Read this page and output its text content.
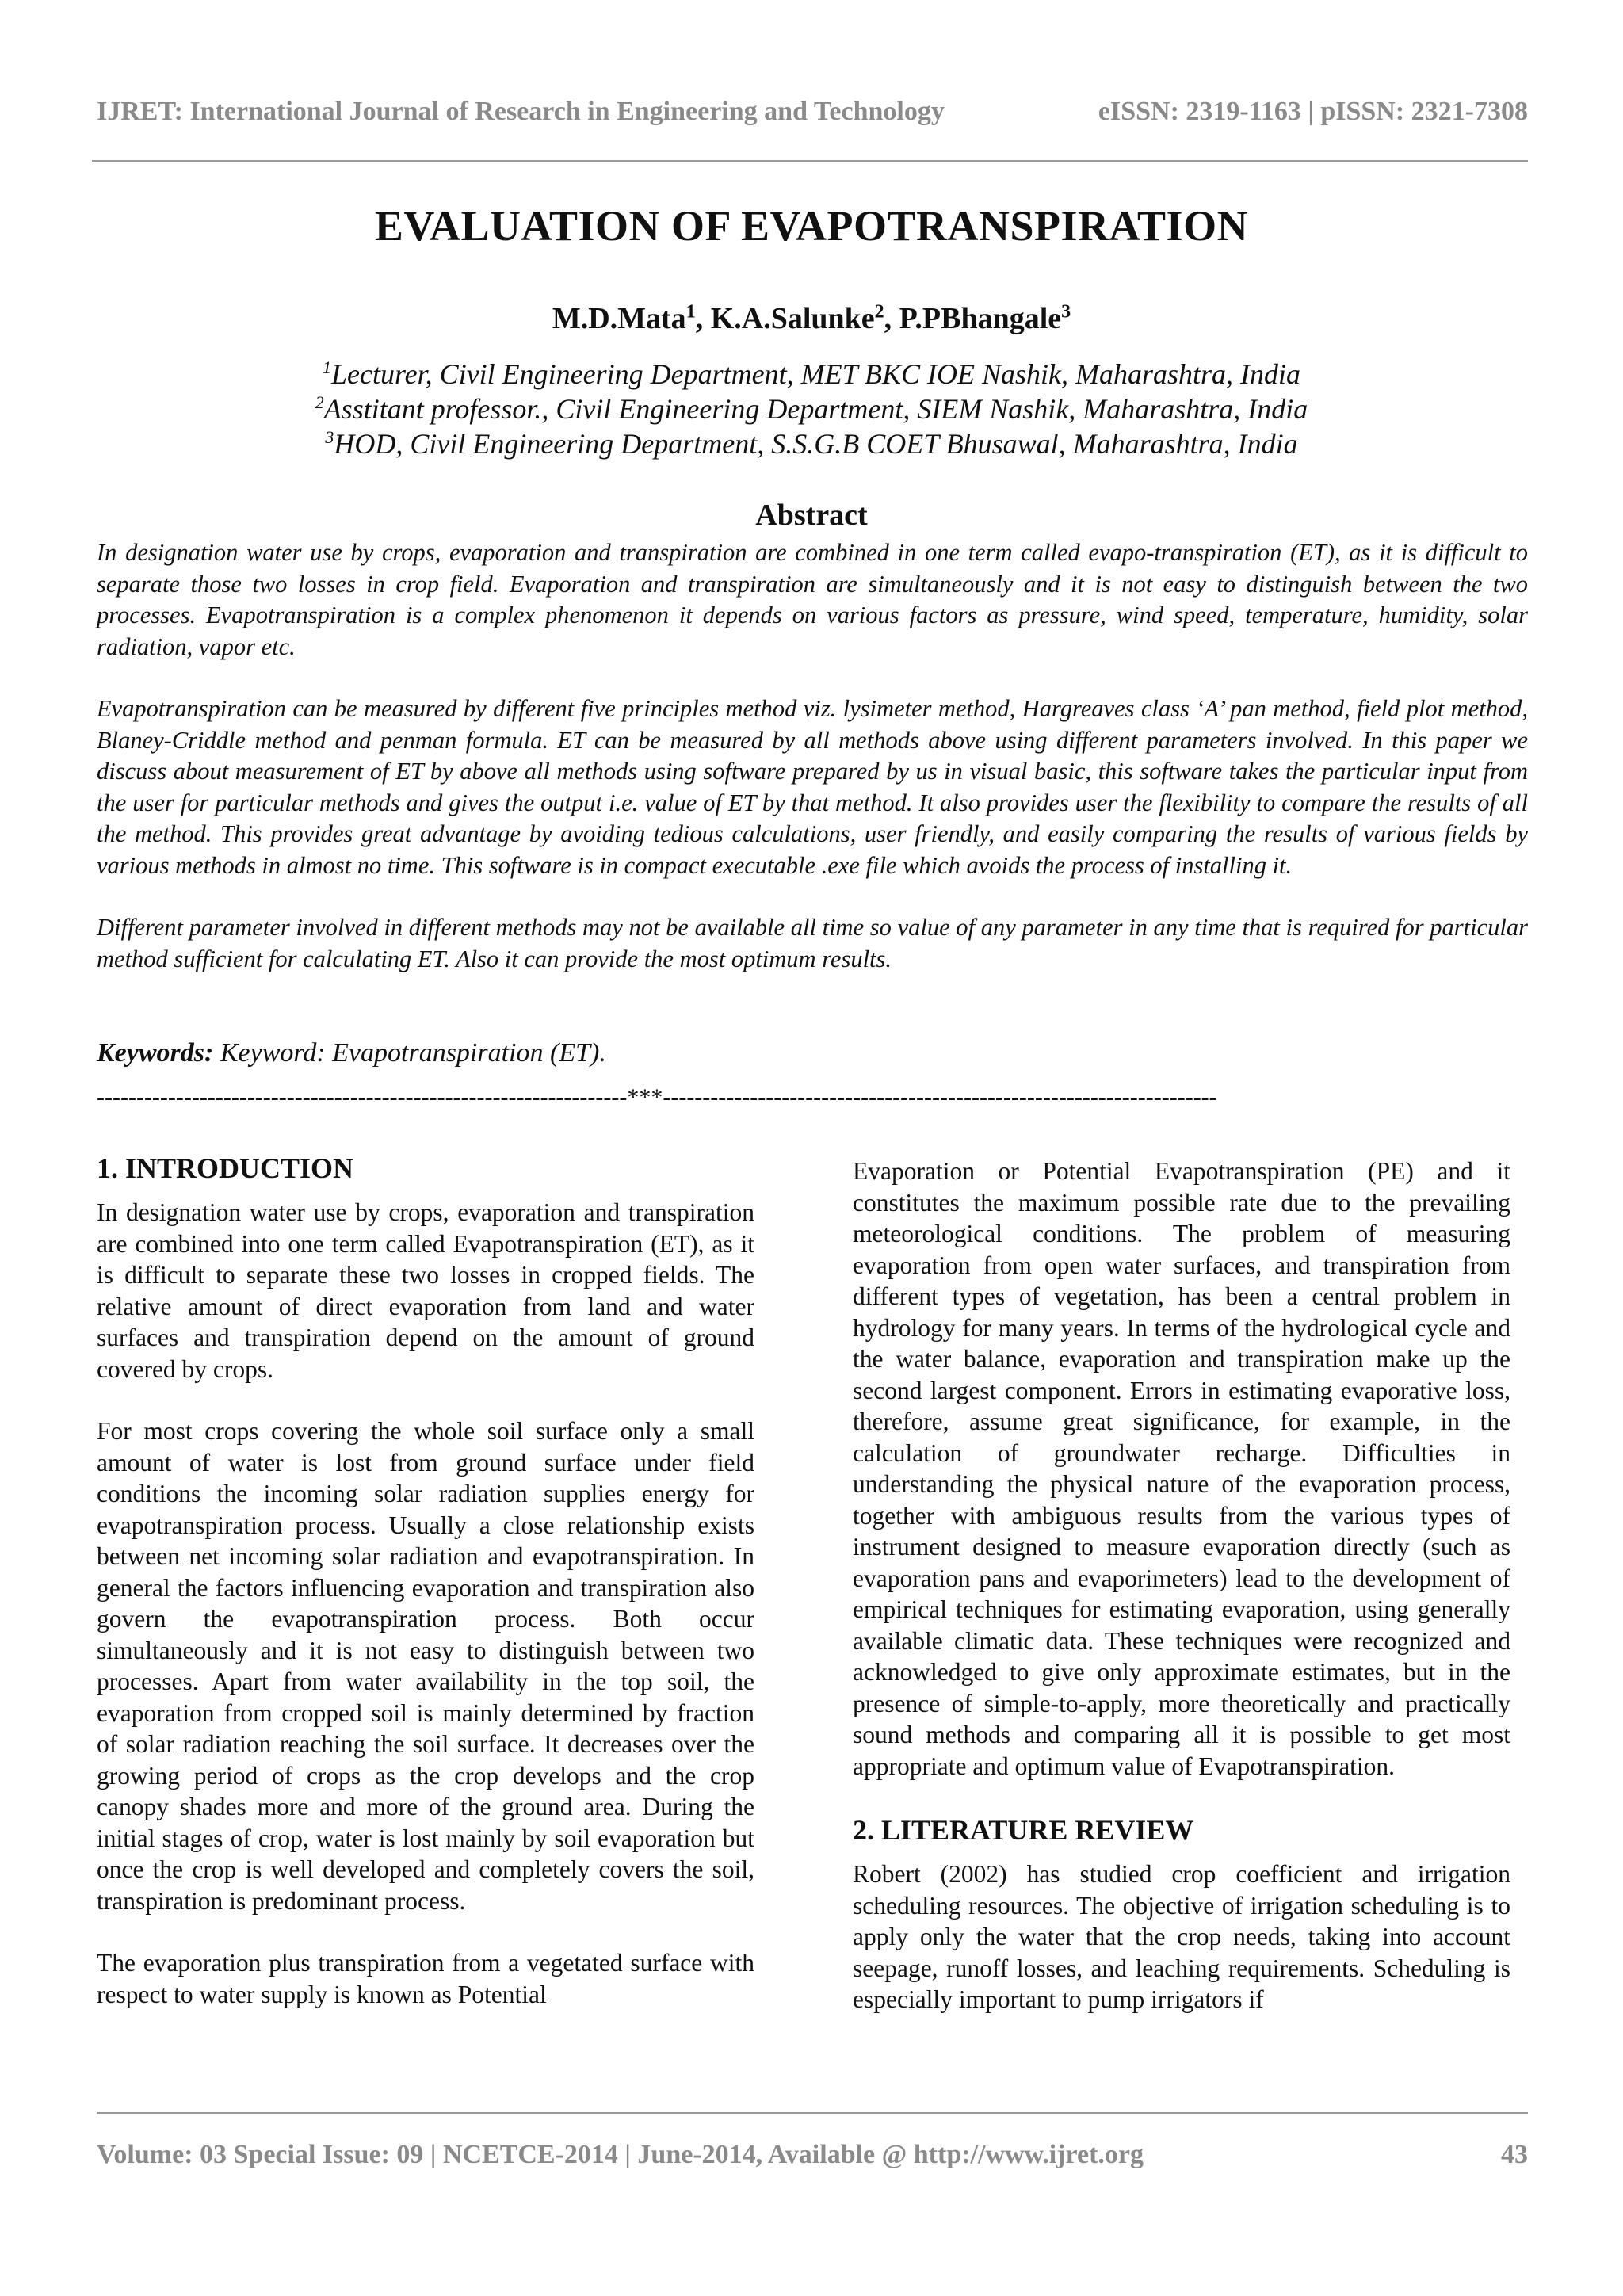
IJRET: International Journal of Research in Engineering and Technology	eISSN: 2319-1163 | pISSN: 2321-7308
EVALUATION OF EVAPOTRANSPIRATION
M.D.Mata$^1$, K.A.Salunke$^2$, P.PBhangale$^3$
$^1$Lecturer, Civil Engineering Department, MET BKC IOE Nashik, Maharashtra, India
$^2$Asstitant professor., Civil Engineering Department, SIEM Nashik, Maharashtra, India
$^3$HOD, Civil Engineering Department, S.S.G.B COET Bhusawal, Maharashtra, India
Abstract

In designation water use by crops, evaporation and transpiration are combined in one term called evapo-transpiration (ET), as it is difficult to separate those two losses in crop field. Evaporation and transpiration are simultaneously and it is not easy to distinguish between the two processes. Evapotranspiration is a complex phenomenon it depends on various factors as pressure, wind speed, temperature, humidity, solar radiation, vapor etc.

Evapotranspiration can be measured by different five principles method viz. lysimeter method, Hargreaves class ‘A’ pan method, field plot method, Blaney-Criddle method and penman formula. ET can be measured by all methods above using different parameters involved. In this paper we discuss about measurement of ET by above all methods using software prepared by us in visual basic, this software takes the particular input from the user for particular methods and gives the output i.e. value of ET by that method. It also provides user the flexibility to compare the results of all the method. This provides great advantage by avoiding tedious calculations, user friendly, and easily comparing the results of various fields by various methods in almost no time. This software is in compact executable .exe file which avoids the process of installing it.

Different parameter involved in different methods may not be available all time so value of any parameter in any time that is required for particular method sufficient for calculating ET. Also it can provide the most optimum results.

Keywords: Keyword: Evapotranspiration (ET).
-------------------------------------------------------------------***----------------------------------------------------------------------
1. INTRODUCTION

In designation water use by crops, evaporation and transpiration are combined into one term called Evapotranspiration (ET), as it is difficult to separate these two losses in cropped fields. The relative amount of direct evaporation from land and water surfaces and transpiration depend on the amount of ground covered by crops.

For most crops covering the whole soil surface only a small amount of water is lost from ground surface under field conditions the incoming solar radiation supplies energy for evapotranspiration process. Usually a close relationship exists between net incoming solar radiation and evapotranspiration. In general the factors influencing evaporation and transpiration also govern the evapotranspiration process. Both occur simultaneously and it is not easy to distinguish between two processes. Apart from water availability in the top soil, the evaporation from cropped soil is mainly determined by fraction of solar radiation reaching the soil surface. It decreases over the growing period of crops as the crop develops and the crop canopy shades more and more of the ground area. During the initial stages of crop, water is lost mainly by soil evaporation but once the crop is well developed and completely covers the soil, transpiration is predominant process.

The evaporation plus transpiration from a vegetated surface with respect to water supply is known as Potential

Evaporation or Potential Evapotranspiration (PE) and it constitutes the maximum possible rate due to the prevailing meteorological conditions. The problem of measuring evaporation from open water surfaces, and transpiration from different types of vegetation, has been a central problem in hydrology for many years. In terms of the hydrological cycle and the water balance, evaporation and transpiration make up the second largest component. Errors in estimating evaporative loss, therefore, assume great significance, for example, in the calculation of groundwater recharge. Difficulties in understanding the physical nature of the evaporation process, together with ambiguous results from the various types of instrument designed to measure evaporation directly (such as evaporation pans and evaporimeters) lead to the development of empirical techniques for estimating evaporation, using generally available climatic data. These techniques were recognized and acknowledged to give only approximate estimates, but in the presence of simple-to-apply, more theoretically and practically sound methods and comparing all it is possible to get most appropriate and optimum value of Evapotranspiration.

2. LITERATURE REVIEW

Robert (2002) has studied crop coefficient and irrigation scheduling resources. The objective of irrigation scheduling is to apply only the water that the crop needs, taking into account seepage, runoff losses, and leaching requirements. Scheduling is especially important to pump irrigators if

Volume: 03 Special Issue: 09 | NCETCE-2014 | June-2014, Available @ http://www.ijret.org	43
